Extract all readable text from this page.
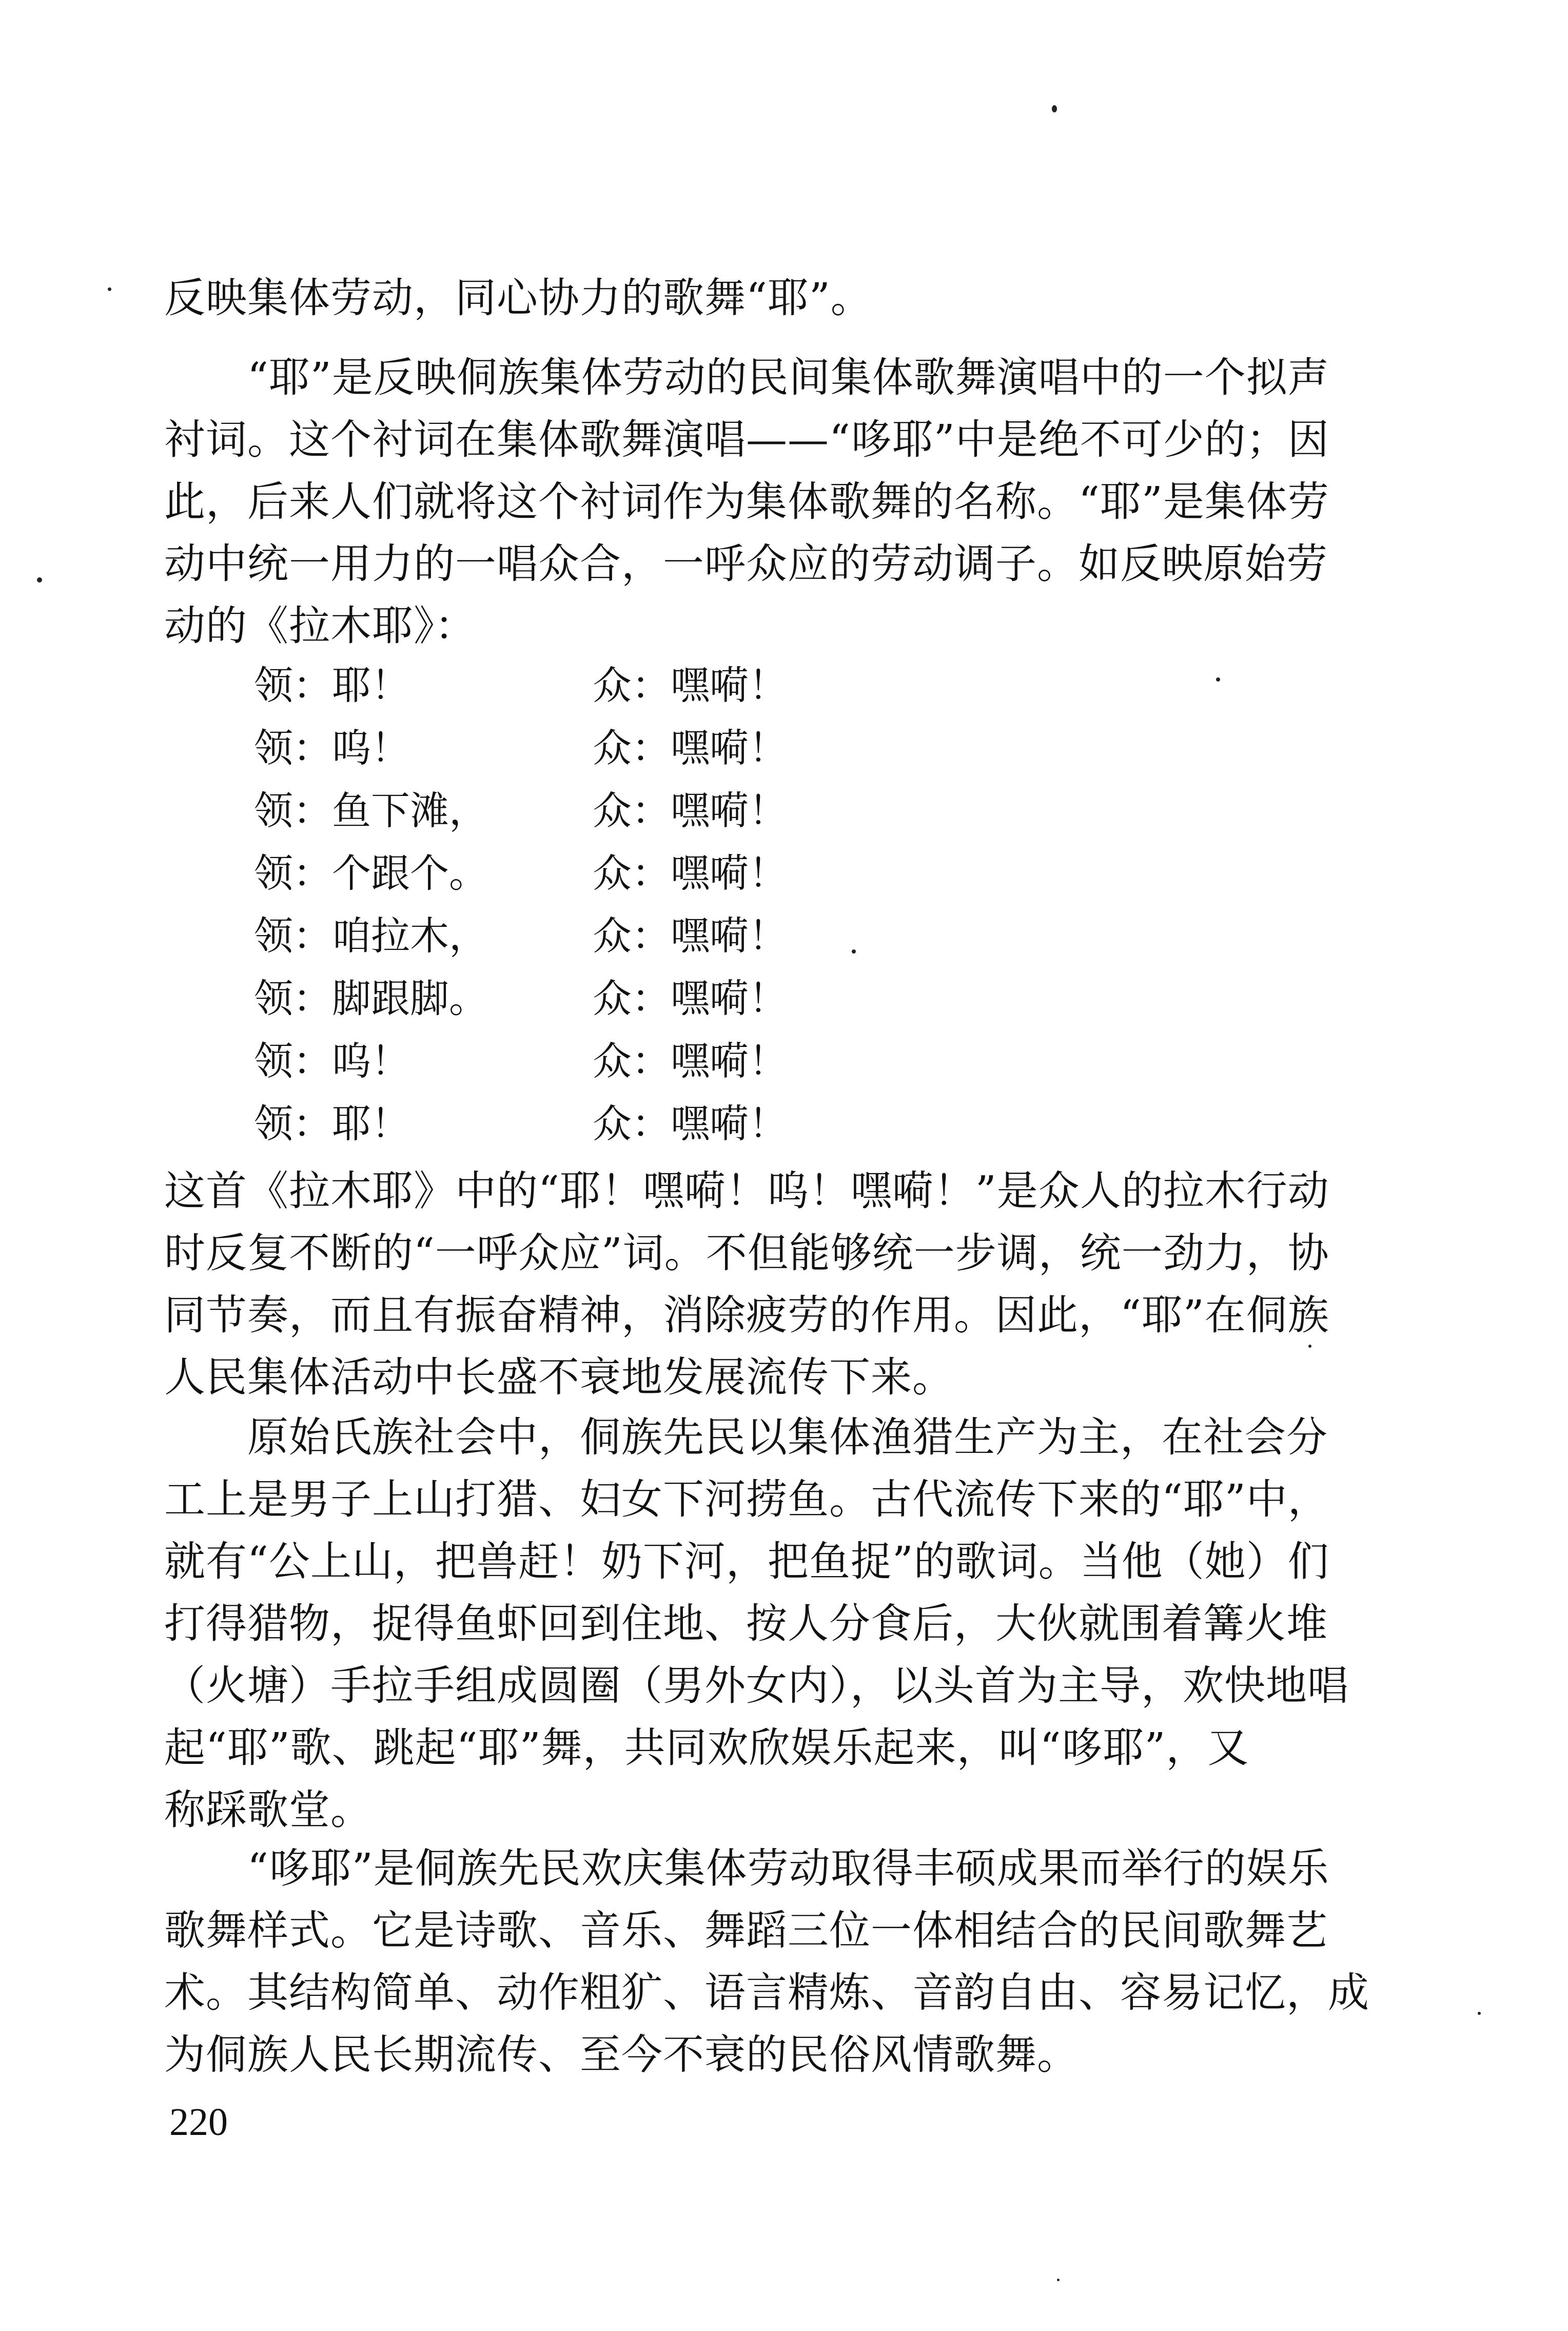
反映集体劳动，同心协力的歌舞“耶”。
　　“耶”是反映侗族集体劳动的民间集体歌舞演唱中的一个拟声
衬词。这个衬词在集体歌舞演唱——“哆耶”中是绝不可少的；因
此，后来人们就将这个衬词作为集体歌舞的名称。“耶”是集体劳
动中统一用力的一唱众合，一呼众应的劳动调子。如反映原始劳
动的《拉木耶》：
领：耶！	众：嘿嗬！
领：呜！	众：嘿嗬！
领：鱼下滩，	众：嘿嗬！
领：个跟个。	众：嘿嗬！
领：咱拉木，	众：嘿嗬！
领：脚跟脚。	众：嘿嗬！
领：呜！	众：嘿嗬！
领：耶！	众：嘿嗬！
这首《拉木耶》中的“耶！嘿嗬！呜！嘿嗬！”是众人的拉木行动
时反复不断的“一呼众应”词。不但能够统一步调，统一劲力，协
同节奏，而且有振奋精神，消除疲劳的作用。因此，“耶”在侗族
人民集体活动中长盛不衰地发展流传下来。
　　原始氏族社会中，侗族先民以集体渔猎生产为主，在社会分
工上是男子上山打猎、妇女下河捞鱼。古代流传下来的“耶”中，
就有“公上山，把兽赶！奶下河，把鱼捉”的歌词。当他（她）们
打得猎物，捉得鱼虾回到住地、按人分食后，大伙就围着篝火堆
（火塘）手拉手组成圆圈（男外女内），以头首为主导，欢快地唱
起“耶”歌、跳起“耶”舞，共同欢欣娱乐起来，叫“哆耶”，又
称踩歌堂。
　　“哆耶”是侗族先民欢庆集体劳动取得丰硕成果而举行的娱乐
歌舞样式。它是诗歌、音乐、舞蹈三位一体相结合的民间歌舞艺
术。其结构简单、动作粗犷、语言精炼、音韵自由、容易记忆，成
为侗族人民长期流传、至今不衰的民俗风情歌舞。
220
